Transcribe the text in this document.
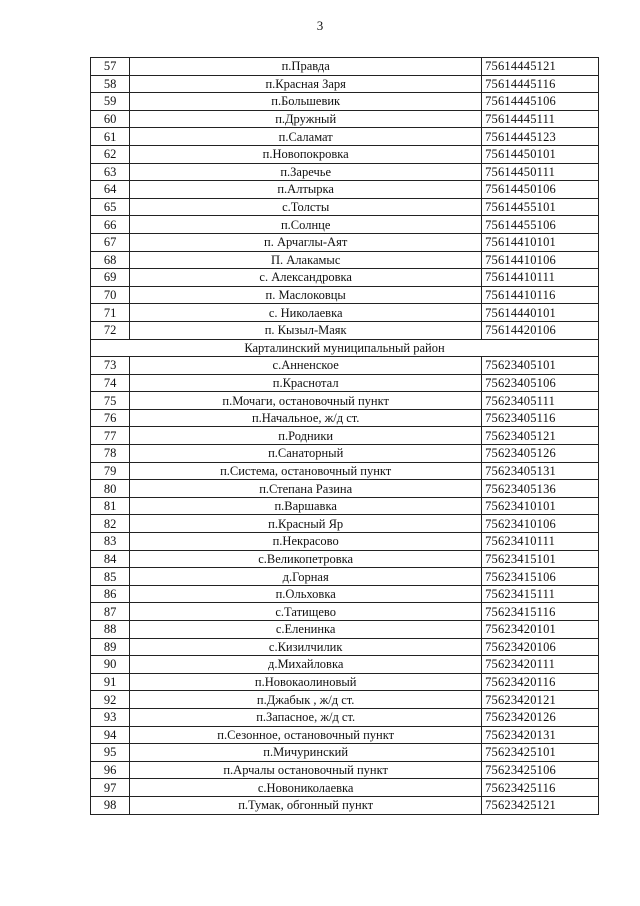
3
57	п.Правда	75614445121
58	п.Красная Заря	75614445116
59	п.Большевик	75614445106
60	п.Дружный	75614445111
61	п.Саламат	75614445123
62	п.Новопокровка	75614450101
63	п.Заречье	75614450111
64	п.Алтырка	75614450106
65	с.Толсты	75614455101
66	п.Солнце	75614455106
67	п. Арчаглы-Аят	75614410101
68	П. Алакамыс	75614410106
69	с. Александровка	75614410111
70	п. Маслоковцы	75614410116
71	с. Николаевка	75614440101
72	п. Кызыл-Маяк	75614420106
Карталинский муниципальный район		
73	с.Анненское	75623405101
74	п.Краснотал	75623405106
75	п.Мочаги, остановочный пункт	75623405111
76	п.Начальное, ж/д ст.	75623405116
77	п.Родники	75623405121
78	п.Санаторный	75623405126
79	п.Система, остановочный пункт	75623405131
80	п.Степана Разина	75623405136
81	п.Варшавка	75623410101
82	п.Красный Яр	75623410106
83	п.Некрасово	75623410111
84	с.Великопетровка	75623415101
85	д.Горная	75623415106
86	п.Ольховка	75623415111
87	с.Татищево	75623415116
88	с.Еленинка	75623420101
89	с.Кизилчилик	75623420106
90	д.Михайловка	75623420111
91	п.Новокаолиновый	75623420116
92	п.Джабык , ж/д ст.	75623420121
93	п.Запасное, ж/д ст.	75623420126
94	п.Сезонное, остановочный пункт	75623420131
95	п.Мичуринский	75623425101
96	п.Арчалы остановочный пункт	75623425106
97	с.Новониколаевка	75623425116
98	п.Тумак, обгонный пункт	75623425121
